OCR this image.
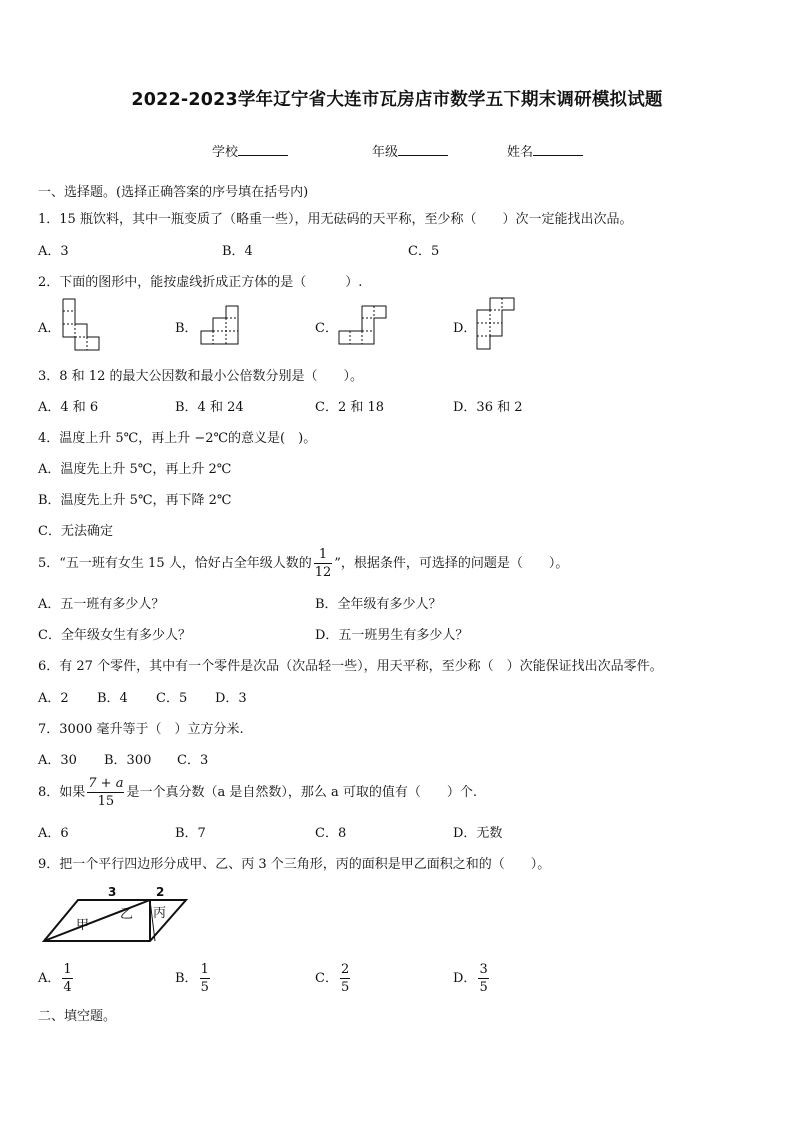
2022-2023学年辽宁省大连市瓦房店市数学五下期末调研模拟试题
学校	年级	姓名
一、选择题。(选择正确答案的序号填在括号内)
1．15 瓶饮料，其中一瓶变质了（略重一些），用无砝码的天平称，至少称（　　）次一定能找出次品。
A．3	B．4	C．5
2．下面的图形中，能按虚线折成正方体的是（　　　）.
A．	B．	C．	D．
3．8 和 12 的最大公因数和最小公倍数分别是（　　）。
A．4 和 6	B．4 和 24	C．2 和 18	D．36 和 2
4．温度上升 5℃，再上升 −2℃的意义是(　)。
A．温度先上升 5℃，再上升 2℃
B．温度先上升 5℃，再下降 2℃
C．无法确定
5．“五一班有女生 15 人，恰好占全年级人数的 $\frac{1}{12}$ ”，根据条件，可选择的问题是（　　）。
A．五一班有多少人？	B．全年级有多少人？
C．全年级女生有多少人？	D．五一班男生有多少人？
6．有 27 个零件，其中有一个零件是次品（次品轻一些），用天平称，至少称（　）次能保证找出次品零件。
A．2 B．4 C．5 D．3
7．3000 毫升等于（　）立方分米.
A．30 B．300 C．3
8．如果 $\frac{7 + a}{15}$ 是一个真分数（a 是自然数），那么 a 可取的值有（　　）个.
A．6	B．7	C．8	D．无数
9．把一个平行四边形分成甲、乙、丙 3 个三角形，丙的面积是甲乙面积之和的（　　）。
3	2
甲
乙 丙
A． $\frac{1}{4}$	B． $\frac{1}{5}$	C． $\frac{2}{5}$	D． $\frac{3}{5}$
二、填空题。
